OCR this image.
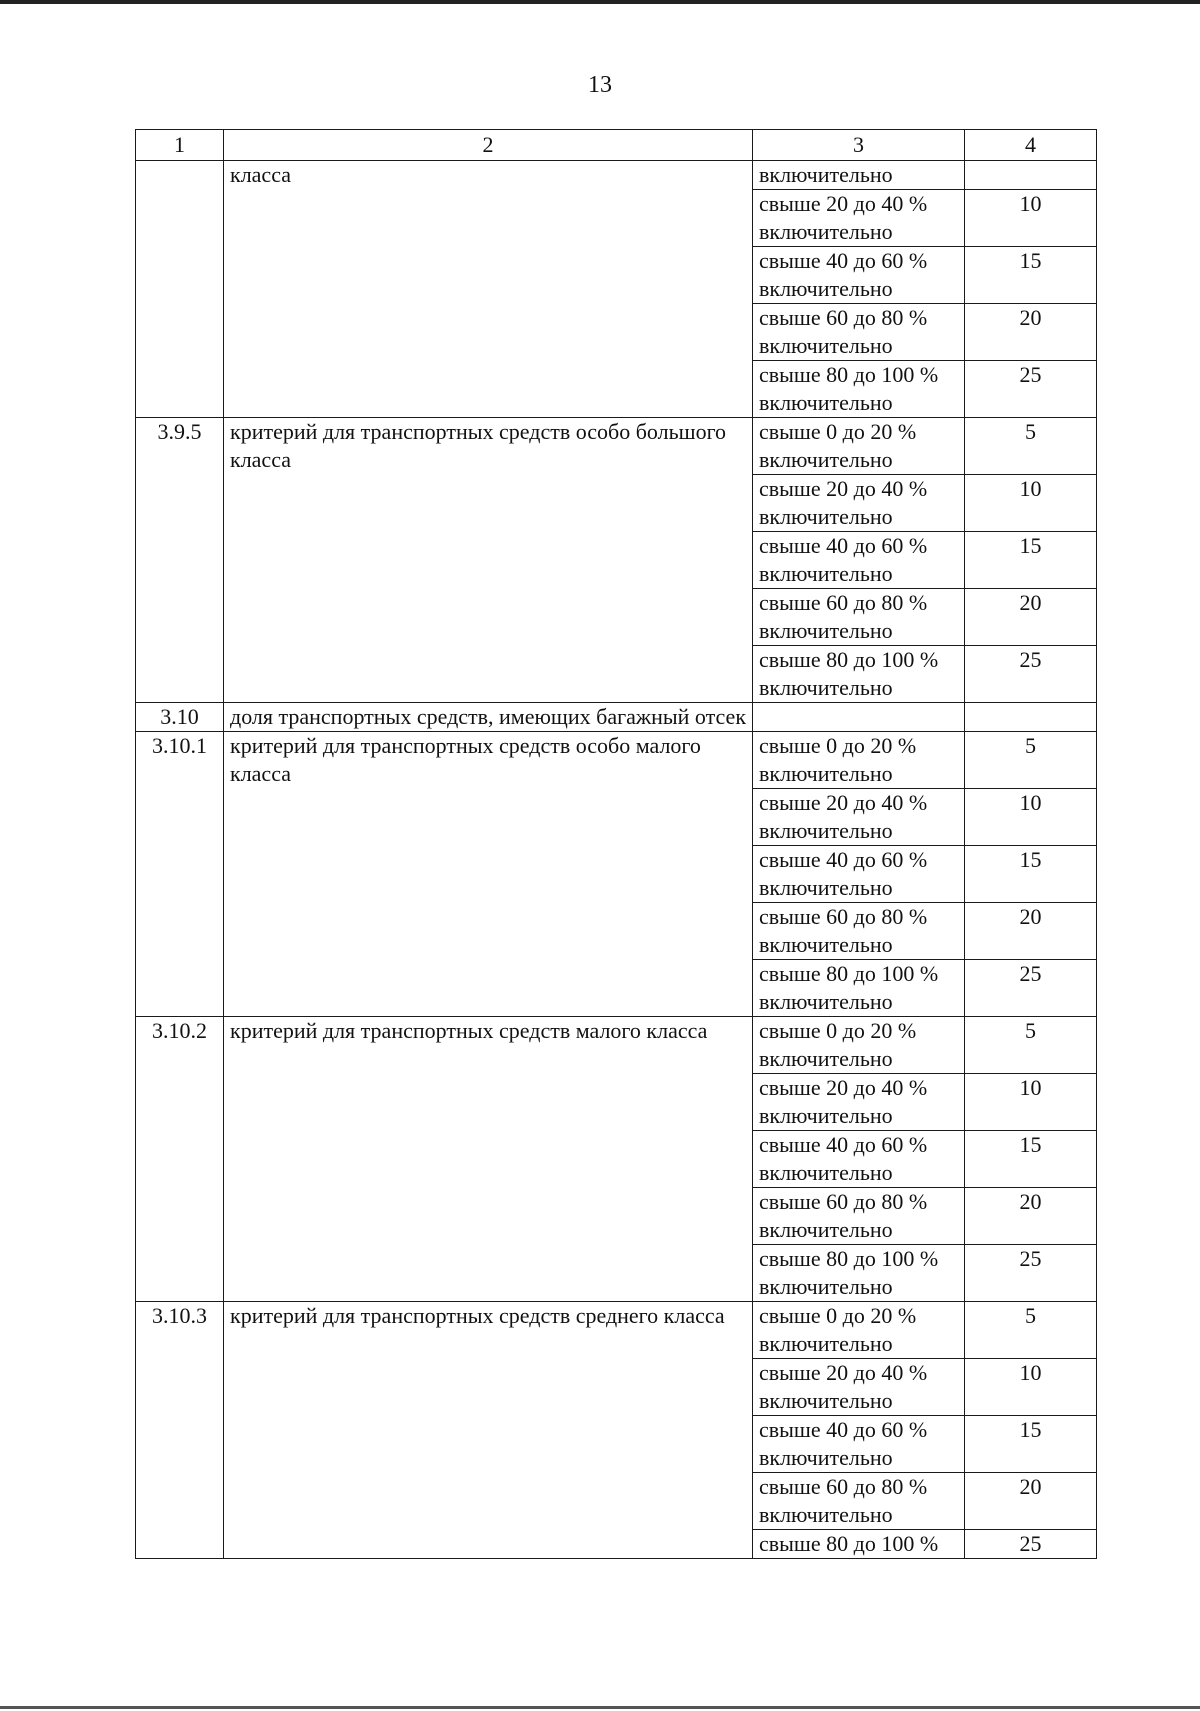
13
1	2	3	4
	класса	включительно	
		свыше 20 до 40 % включительно	10
		свыше 40 до 60 % включительно	15
		свыше 60 до 80 % включительно	20
		свыше 80 до 100 % включительно	25
3.9.5	критерий для транспортных средств особо большого класса	свыше 0 до 20 % включительно	5
		свыше 20 до 40 % включительно	10
		свыше 40 до 60 % включительно	15
		свыше 60 до 80 % включительно	20
		свыше 80 до 100 % включительно	25
3.10	доля транспортных средств, имеющих багажный отсек		
3.10.1	критерий для транспортных средств особо малого класса	свыше 0 до 20 % включительно	5
		свыше 20 до 40 % включительно	10
		свыше 40 до 60 % включительно	15
		свыше 60 до 80 % включительно	20
		свыше 80 до 100 % включительно	25
3.10.2	критерий для транспортных средств малого класса	свыше 0 до 20 % включительно	5
		свыше 20 до 40 % включительно	10
		свыше 40 до 60 % включительно	15
		свыше 60 до 80 % включительно	20
		свыше 80 до 100 % включительно	25
3.10.3	критерий для транспортных средств среднего класса	свыше 0 до 20 % включительно	5
		свыше 20 до 40 % включительно	10
		свыше 40 до 60 % включительно	15
		свыше 60 до 80 % включительно	20
		свыше 80 до 100 %	25
